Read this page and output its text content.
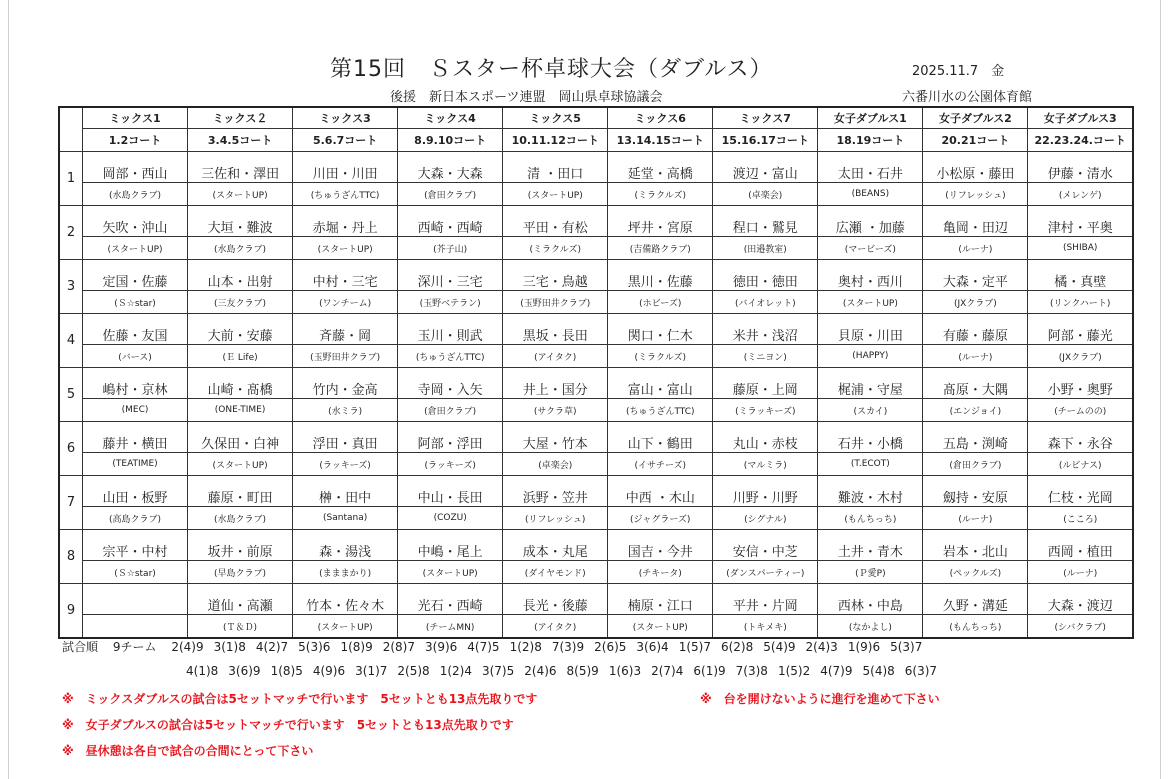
第15回　Ｓスター杯卓球大会（ダブルス）	2025.11.7　金
後援　新日本スポーツ連盟　岡山県卓球協議会	六番川水の公園体育館
	ミックス1	ミックス２	ミックス3	ミックス4	ミックス5	ミックス6	ミックス7	女子ダブルス1	女子ダブルス2	女子ダブルス3
	1.2コート	3.4.5コート	5.6.7コート	8.9.10コート	10.11.12コート	13.14.15コート	15.16.17コート	18.19コート	20.21コート	22.23.24.コート
1	岡部・西山	三佐和・澤田	川田・川田	大森・大森	清 ・田口	延堂・高橋	渡辺・富山	太田・石井	小松原・藤田	伊藤・清水
	(水島クラブ)	(スタートUP)	(ちゅうざんTTC)	(倉田クラブ)	(スタートUP)	(ミラクルズ)	(卓楽会)	(BEANS)	(リフレッシュ)	(メレンゲ)
2	矢吹・沖山	大垣・難波	赤堀・丹上	西崎・西崎	平田・有松	坪井・宮原	程口・鷲見	広瀬 ・加藤	亀岡・田辺	津村・平奥
	(スタートUP)	(水島クラブ)	(スタートUP)	(芥子山)	(ミラクルズ)	(吉備路クラブ)	(田邉教室)	(マービーズ)	(ルーナ)	(SHIBA)
3	定国・佐藤	山本・出射	中村・三宅	深川・三宅	三宅・鳥越	黒川・佐藤	徳田・徳田	奥村・西川	大森・定平	橘・真壁
	(Ｓ☆star)	(三友クラブ)	(ワンチーム)	(玉野ベテラン)	(玉野田井クラブ)	(ホビーズ)	(バイオレット)	(スタートUP)	(JXクラブ)	(リンクハート)
4	佐藤・友国	大前・安藤	斉藤・岡	玉川・則武	黒坂・長田	関口・仁木	米井・浅沼	貝原・川田	有藤・藤原	阿部・藤光
	(バース)	(Ｅ Life)	(玉野田井クラブ)	(ちゅうざんTTC)	(アイタク)	(ミラクルズ)	(ミニヨン)	(HAPPY)	(ルーナ)	(JXクラブ)
5	嶋村・京林	山崎・髙橋	竹内・金高	寺岡・入矢	井上・国分	富山・富山	藤原・上岡	梶浦・守屋	髙原・大隅	小野・奥野
	(MEC)	(ONE-TIME)	(水ミラ)	(倉田クラブ)	(サクラ草)	(ちゅうざんTTC)	(ミラッキーズ)	(スカイ)	(エンジョイ)	(チームのの)
6	藤井・横田	久保田・白神	浮田・真田	阿部・浮田	大屋・竹本	山下・鶴田	丸山・赤枝	石井・小橋	五島・渕崎	森下・永谷
	(TEATIME)	(スタートUP)	(ラッキーズ)	(ラッキーズ)	(卓楽会)	(イサチーズ)	(マルミラ)	(T.ECOT)	(倉田クラブ)	(ルビナス)
7	山田・板野	藤原・町田	榊・田中	中山・長田	浜野・笠井	中西 ・木山	川野・川野	難波・木村	劔持・安原	仁枝・光岡
	(高島クラブ)	(水島クラブ)	(Santana)	(COZU)	(リフレッシュ)	(ジャグラーズ)	(シグナル)	(もんちっち)	(ルーナ)	(こころ)
8	宗平・中村	坂井・前原	森・湯浅	中嶋・尾上	成本・丸尾	国吉・今井	安信・中芝	土井・青木	岩本・北山	西岡・植田
	(Ｓ☆star)	(早島クラブ)	(まままかり)	(スタートUP)	(ダイヤモンド)	(チキータ)	(ダンスパーティー)	(Ｐ愛P)	(ペックルズ)	(ルーナ)
9		道仙・高瀬	竹本・佐々木	光石・西崎	長光・後藤	楠原・江口	平井・片岡	西林・中島	久野・溝延	大森・渡辺
		(Ｔ＆Ｄ)	(スタートUP)	(チームMN)	(アイタク)	(スタートUP)	(トキメキ)	(なかよし)	(もんちっち)	(シバクラブ)
試合順 9チーム 2(4)9 3(1)8 4(2)7 5(3)6 1(8)9 2(8)7 3(9)6 4(7)5 1(2)8 7(3)9 2(6)5 3(6)4 1(5)7 6(2)8 5(4)9 2(4)3 1(9)6 5(3)7
4(1)8 3(6)9 1(8)5 4(9)6 3(1)7 2(5)8 1(2)4 3(7)5 2(4)6 8(5)9 1(6)3 2(7)4 6(1)9 7(3)8 1(5)2 4(7)9 5(4)8 6(3)7
※　ミックスダブルスの試合は5セットマッチで行います　5セットとも13点先取りです	※　台を開けないように進行を進めて下さい
※　女子ダブルスの試合は5セットマッチで行います　5セットとも13点先取りです
※　昼休憩は各自で試合の合間にとって下さい
